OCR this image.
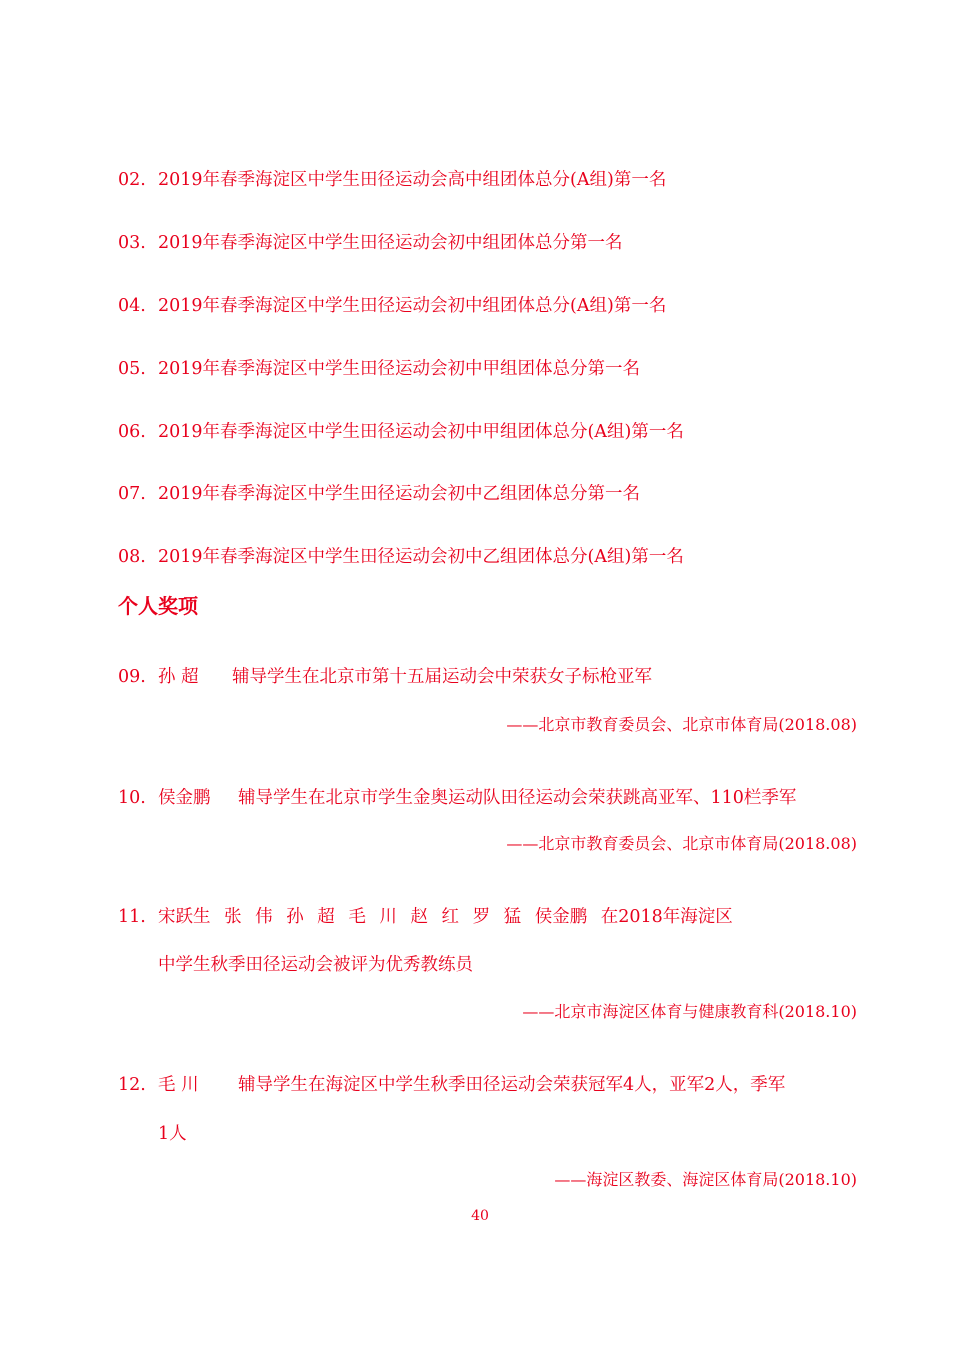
02. 2019年春季海淀区中学生田径运动会高中组团体总分(A组)第一名
03. 2019年春季海淀区中学生田径运动会初中组团体总分第一名
04. 2019年春季海淀区中学生田径运动会初中组团体总分(A组)第一名
05. 2019年春季海淀区中学生田径运动会初中甲组团体总分第一名
06. 2019年春季海淀区中学生田径运动会初中甲组团体总分(A组)第一名
07. 2019年春季海淀区中学生田径运动会初中乙组团体总分第一名
08. 2019年春季海淀区中学生田径运动会初中乙组团体总分(A组)第一名
个人奖项
09. 孙 超 辅导学生在北京市第十五届运动会中荣获女子标枪亚军
——北京市教育委员会、北京市体育局(2018.08)
10. 侯金鹏 辅导学生在北京市学生金奥运动队田径运动会荣获跳高亚军、110栏季军
——北京市教育委员会、北京市体育局(2018.08)
11. 宋跃生 张 伟 孙 超 毛 川 赵 红 罗 猛 侯金鹏 在2018年海淀区
中学生秋季田径运动会被评为优秀教练员
——北京市海淀区体育与健康教育科(2018.10)
12. 毛 川 辅导学生在海淀区中学生秋季田径运动会荣获冠军4人，亚军2人，季军
1人
——海淀区教委、海淀区体育局(2018.10)
40
